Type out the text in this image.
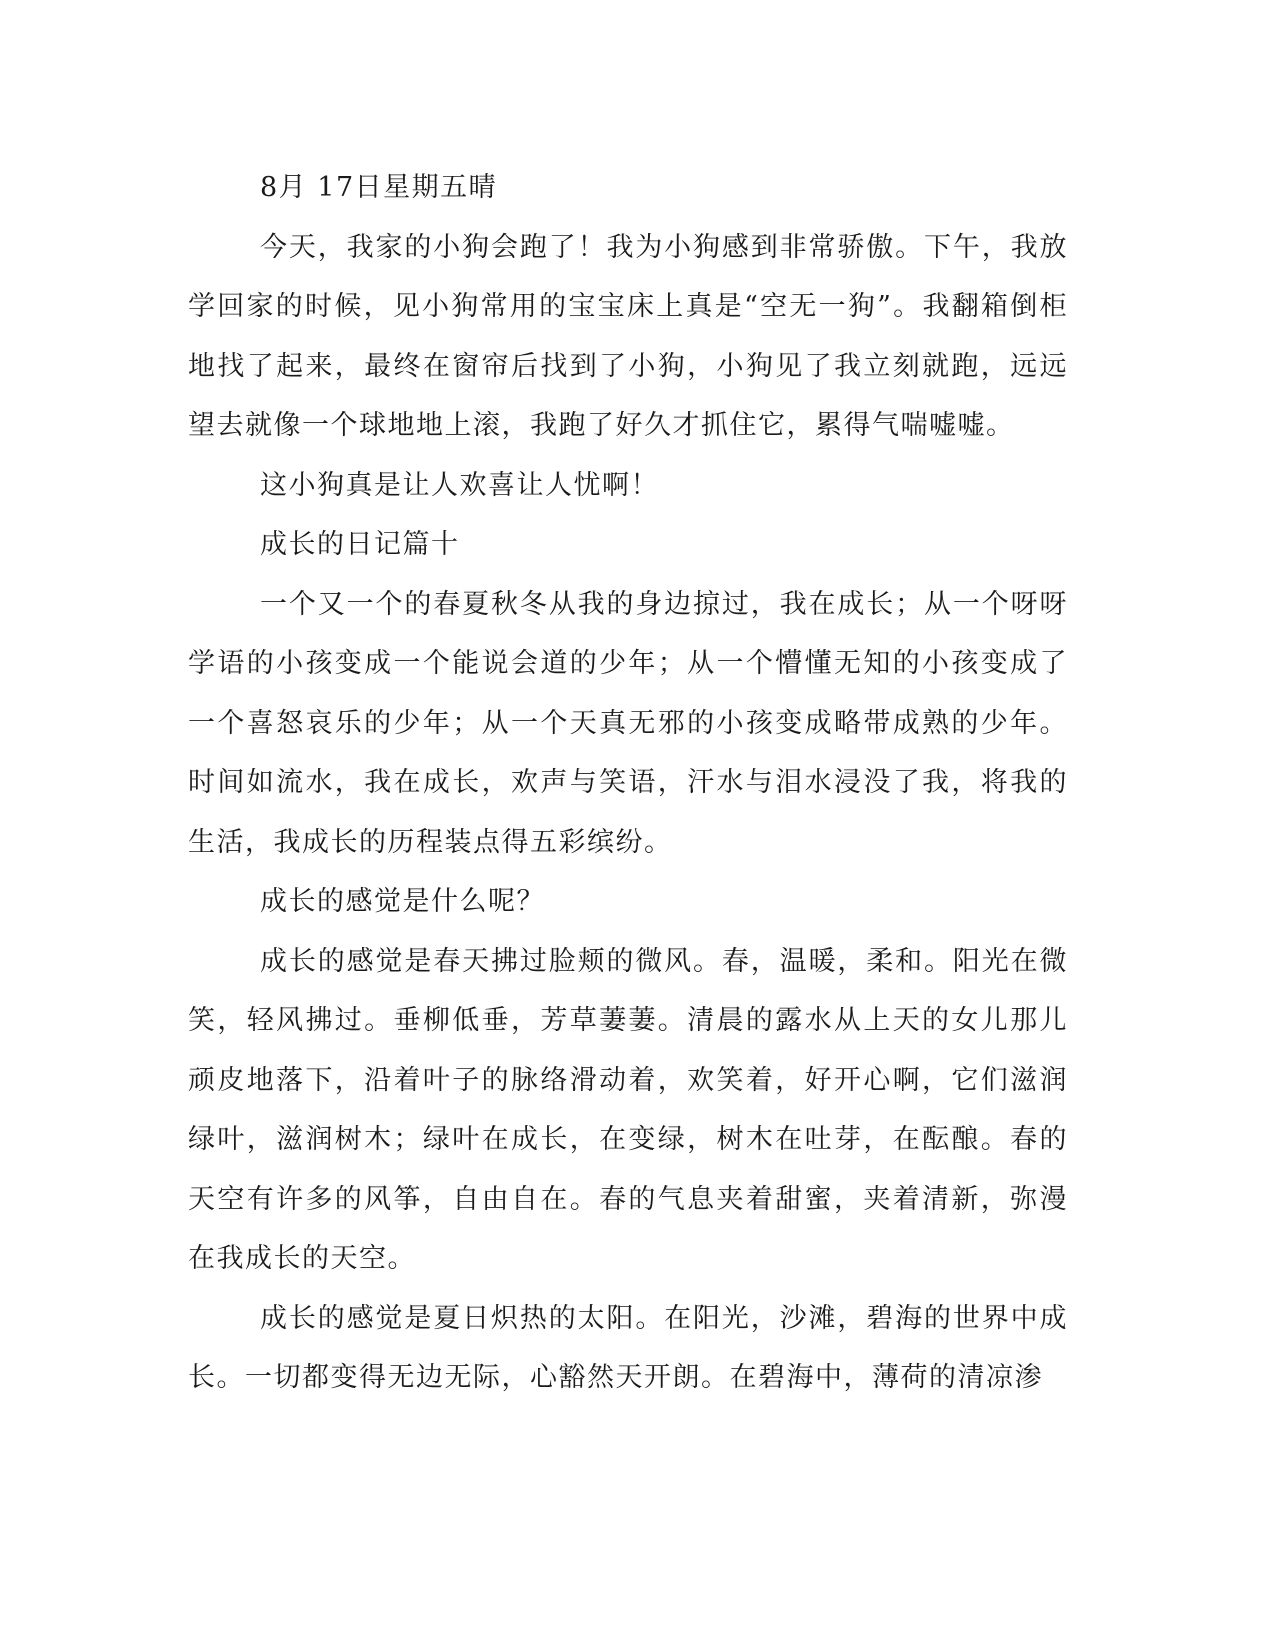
8月 17日星期五晴

今天，我家的小狗会跑了！我为小狗感到非常骄傲。下午，我放学回家的时候，见小狗常用的宝宝床上真是“空无一狗”。我翻箱倒柜地找了起来，最终在窗帘后找到了小狗，小狗见了我立刻就跑，远远望去就像一个球地地上滚，我跑了好久才抓住它，累得气喘嘘嘘。

这小狗真是让人欢喜让人忧啊！

成长的日记篇十

一个又一个的春夏秋冬从我的身边掠过，我在成长；从一个呀呀学语的小孩变成一个能说会道的少年；从一个懵懂无知的小孩变成了一个喜怒哀乐的少年；从一个天真无邪的小孩变成略带成熟的少年。时间如流水，我在成长，欢声与笑语，汗水与泪水浸没了我，将我的生活，我成长的历程装点得五彩缤纷。

成长的感觉是什么呢？

成长的感觉是春天拂过脸颊的微风。春，温暖，柔和。阳光在微笑，轻风拂过。垂柳低垂，芳草萋萋。清晨的露水从上天的女儿那儿顽皮地落下，沿着叶子的脉络滑动着，欢笑着，好开心啊，它们滋润绿叶，滋润树木；绿叶在成长，在变绿，树木在吐芽，在酝酿。春的天空有许多的风筝，自由自在。春的气息夹着甜蜜，夹着清新，弥漫在我成长的天空。

成长的感觉是夏日炽热的太阳。在阳光，沙滩，碧海的世界中成长。一切都变得无边无际，心豁然天开朗。在碧海中，薄荷的清凉渗
